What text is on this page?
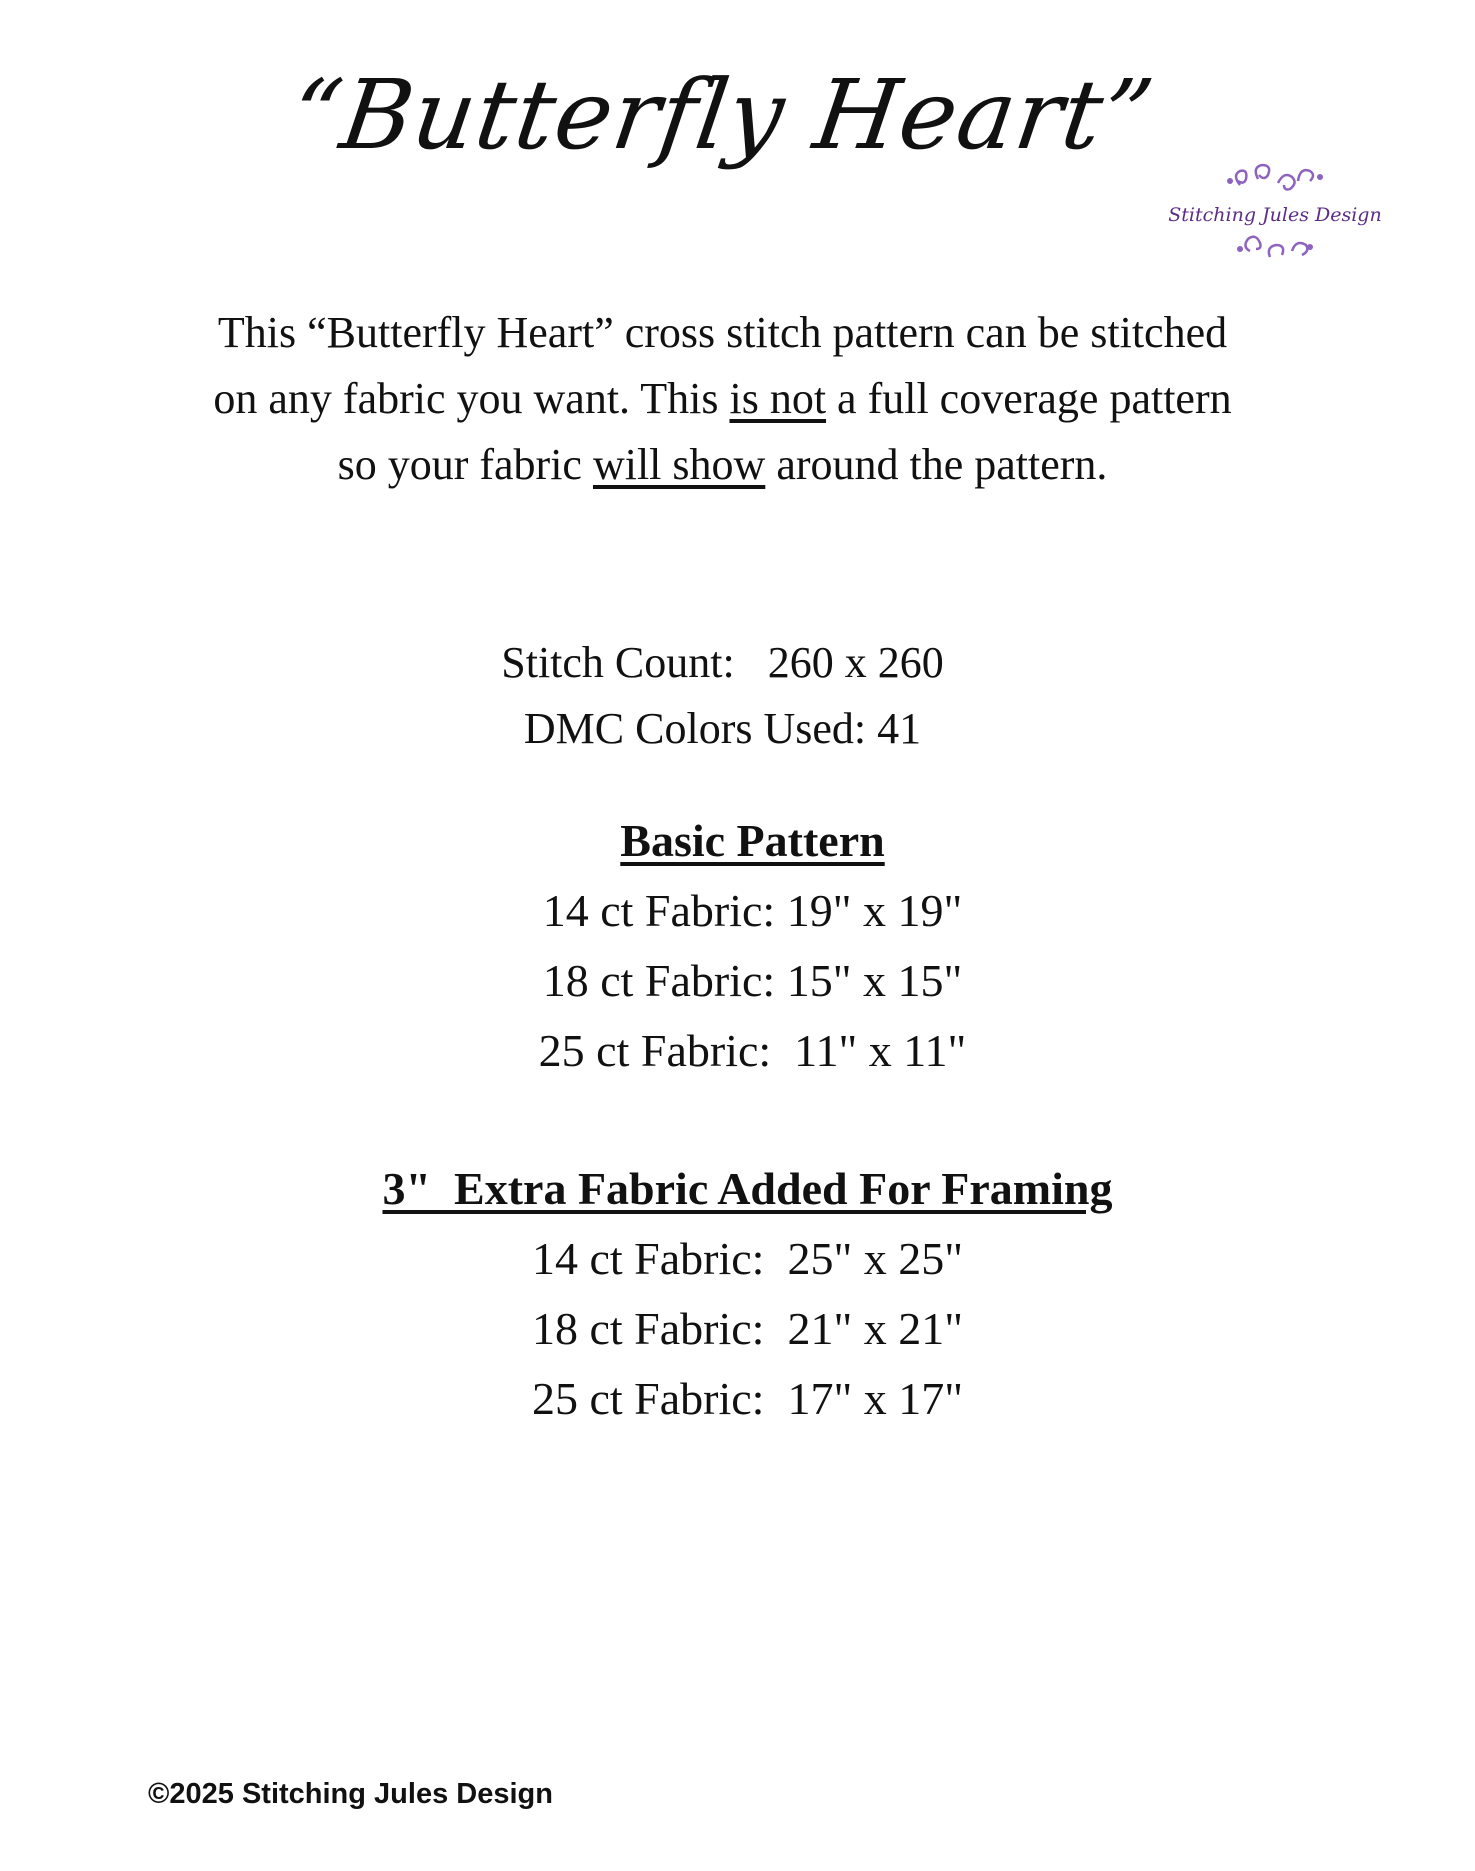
“Butterfly Heart”
Stitching Jules Design
This “Butterfly Heart” cross stitch pattern can be stitched on any fabric you want. This is not a full coverage pattern so your fabric will show around the pattern.
Stitch Count:   260 x 260
DMC Colors Used: 41
Basic Pattern
14 ct Fabric: 19" x 19"
18 ct Fabric: 15" x 15"
25 ct Fabric:  11" x 11"
3"  Extra Fabric Added For Framing
14 ct Fabric:  25" x 25"
18 ct Fabric:  21" x 21"
25 ct Fabric:  17" x 17"
©2025 Stitching Jules Design
